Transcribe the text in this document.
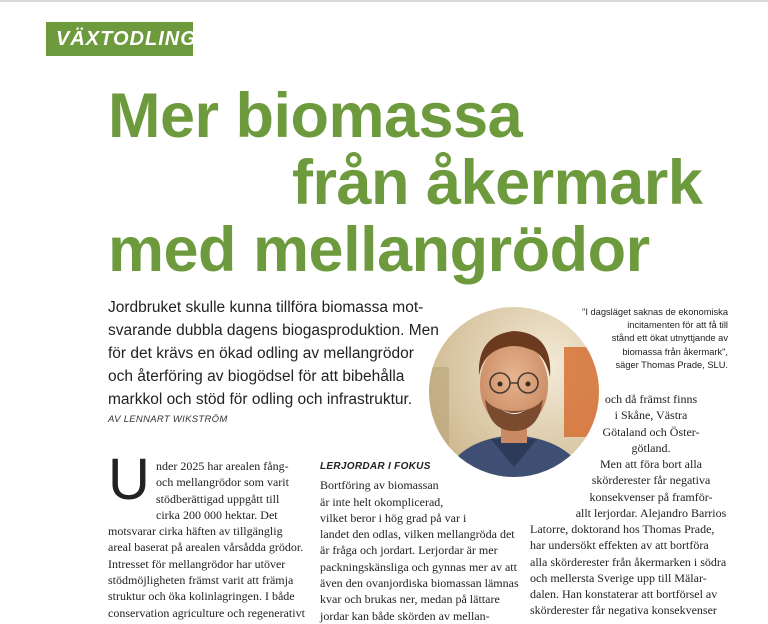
VÄXTODLING
Mer biomassa
från åkermark
med mellangrödor
Jordbruket skulle kunna tillföra biomassa mot-
svarande dubbla dagens biogasproduktion. Men
för det krävs en ökad odling av mellangrödor
och återföring av biogödsel för att bibehålla
markkol och stöd för odling och infrastruktur.
AV LENNART WIKSTRÖM
"I dagsläget saknas de ekonomiska
incitamenten för att få till
stånd ett ökat utnyttjande av
biomassa från åkermark",
säger Thomas Prade, SLU.
U nder 2025 har arealen fång-
och mellangrödor som varit
stödberättigad uppgått till
cirka 200 000 hektar. Det
motsvarar cirka häften av tillgänglig
areal baserat på arealen vårsådda grödor.
Intresset för mellangrödor har utöver
stödmöjligheten främst varit att främja
struktur och öka kolinlagringen. I både
conservation agriculture och regenerativt
LERJORDAR I FOKUS
Bortföring av biomassan
är inte helt okomplicerad,
vilket beror i hög grad på var i
landet den odlas, vilken mellangröda det
är fråga och jordart. Lerjordar är mer
packningskänsliga och gynnas mer av att
även den ovanjordiska biomassan lämnas
kvar och brukas ner, medan på lättare
jordar kan både skörden av mellan-
och då främst finns
i Skåne, Västra
Götaland och Öster-
götland.
Men att föra bort alla
skörderester får negativa
konsekvenser på framför-
allt lerjordar. Alejandro Barrios
Latorre, doktorand hos Thomas Prade,
har undersökt effekten av att bortföra
alla skörderester från åkermarken i södra
och mellersta Sverige upp till Mälar-
dalen. Han konstaterar att bortförsel av
skörderester får negativa konsekvenser
